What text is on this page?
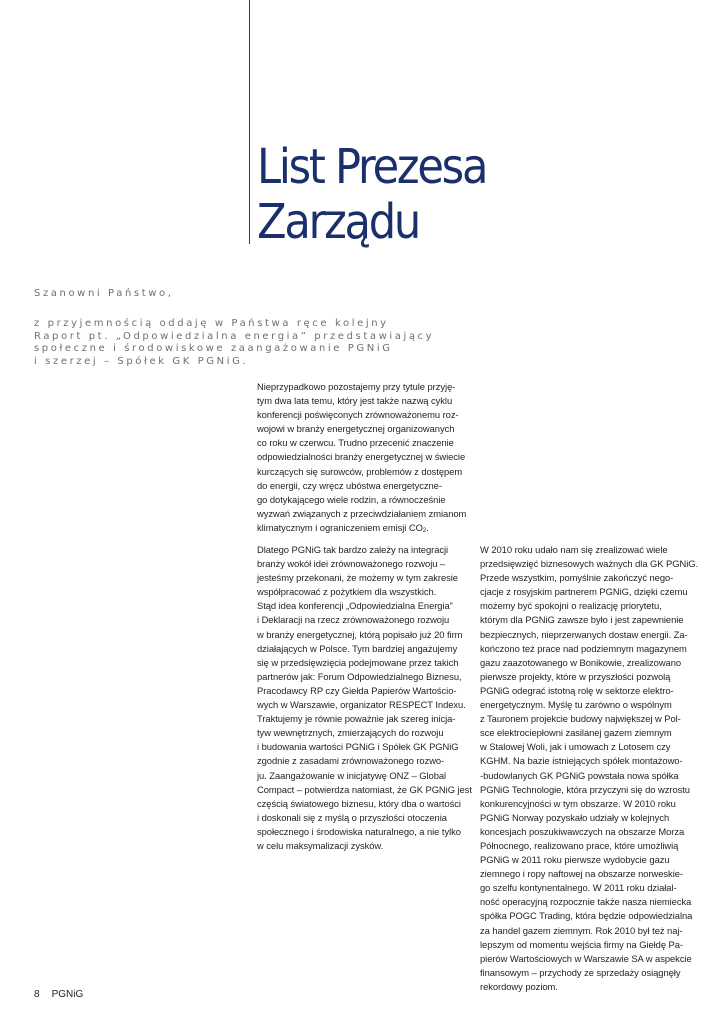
List Prezesa
Zarządu

Szanowni Państwo,

z przyjemnością oddaję w Państwa ręce kolejny

Raport pt. „Odpowiedzialna energia” przedstawiający

społeczne i środowiskowe zaangażowanie PGNiG

i szerzej – Spółek GK PGNiG.

Nieprzypadkowo pozostajemy przy tytule przyję-
tym dwa lata temu, który jest także nazwą cyklu
konferencji poświęconych zrównoważonemu roz-
wojowi w branży energetycznej organizowanych
co roku w czerwcu. Trudno przecenić znaczenie
odpowiedzialności branży energetycznej w świecie
kurczących się surowców, problemów z dostępem
do energii, czy wręcz ubóstwa energetyczne-
go dotykającego wiele rodzin, a równocześnie
wyzwań związanych z przeciwdziałaniem zmianom
klimatycznym i ograniczeniem emisji $CO_2$.
Dlatego PGNiG tak bardzo zależy na integracji
branży wokół idei zrównoważonego rozwoju –
jesteśmy przekonani, że możemy w tym zakresie
współpracować z pożytkiem dla wszystkich.
Stąd idea konferencji „Odpowiedzialna Energia”
i Deklaracji na rzecz zrównoważonego rozwoju
w branży energetycznej, którą popisało już 20 firm
działających w Polsce. Tym bardziej angażujemy
się w przedsięwzięcia podejmowane przez takich
partnerów jak: Forum Odpowiedzialnego Biznesu,
Pracodawcy RP czy Giełda Papierów Wartościo-
wych w Warszawie, organizator RESPECT Indexu.
Traktujemy je równie poważnie jak szereg inicja-
tyw wewnętrznych, zmierzających do rozwoju
i budowania wartości PGNiG i Spółek GK PGNiG
zgodnie z zasadami zrównoważonego rozwo-
ju. Zaangażowanie w inicjatywę ONZ – Global
Compact – potwierdza natomiast, że GK PGNiG jest
częścią światowego biznesu, który dba o wartości
i doskonali się z myślą o przyszłości otoczenia
społecznego i środowiska naturalnego, a nie tylko
w celu maksymalizacji zysków.
W 2010 roku udało nam się zrealizować wiele
przedsięwzięć biznesowych ważnych dla GK PGNiG.
Przede wszystkim, pomyślnie zakończyć nego-
cjacje z rosyjskim partnerem PGNiG, dzięki czemu
możemy być spokojni o realizację priorytetu,
którym dla PGNiG zawsze było i jest zapewnienie
bezpiecznych, nieprzerwanych dostaw energii. Za-
kończono też prace nad podziemnym magazynem
gazu zaazotowanego w Bonikowie, zrealizowano
pierwsze projekty, które w przyszłości pozwolą
PGNiG odegrać istotną rolę w sektorze elektro-
energetycznym. Myślę tu zarówno o wspólnym
z Tauronem projekcie budowy największej w Pol-
sce elektrociepłowni zasilanej gazem ziemnym
w Stalowej Woli, jak i umowach z Lotosem czy
KGHM. Na bazie istniejących spółek montażowo-
-budowlanych GK PGNiG powstała nowa spółka
PGNiG Technologie, która przyczyni się do wzrostu
konkurencyjności w tym obszarze. W 2010 roku
PGNiG Norway pozyskało udziały w kolejnych
koncesjach poszukiwawczych na obszarze Morza
Północnego, realizowano prace, które umożliwią
PGNiG w 2011 roku pierwsze wydobycie gazu
ziemnego i ropy naftowej na obszarze norweskie-
go szelfu kontynentalnego. W 2011 roku działal-
ność operacyjną rozpocznie także nasza niemiecka
spółka POGC Trading, która będzie odpowiedzialna
za handel gazem ziemnym. Rok 2010 był też naj-
lepszym od momentu wejścia firmy na Giełdę Pa-
pierów Wartościowych w Warszawie SA w aspekcie
finansowym – przychody ze sprzedaży osiągnęły
rekordowy poziom.
8 PGNiG
